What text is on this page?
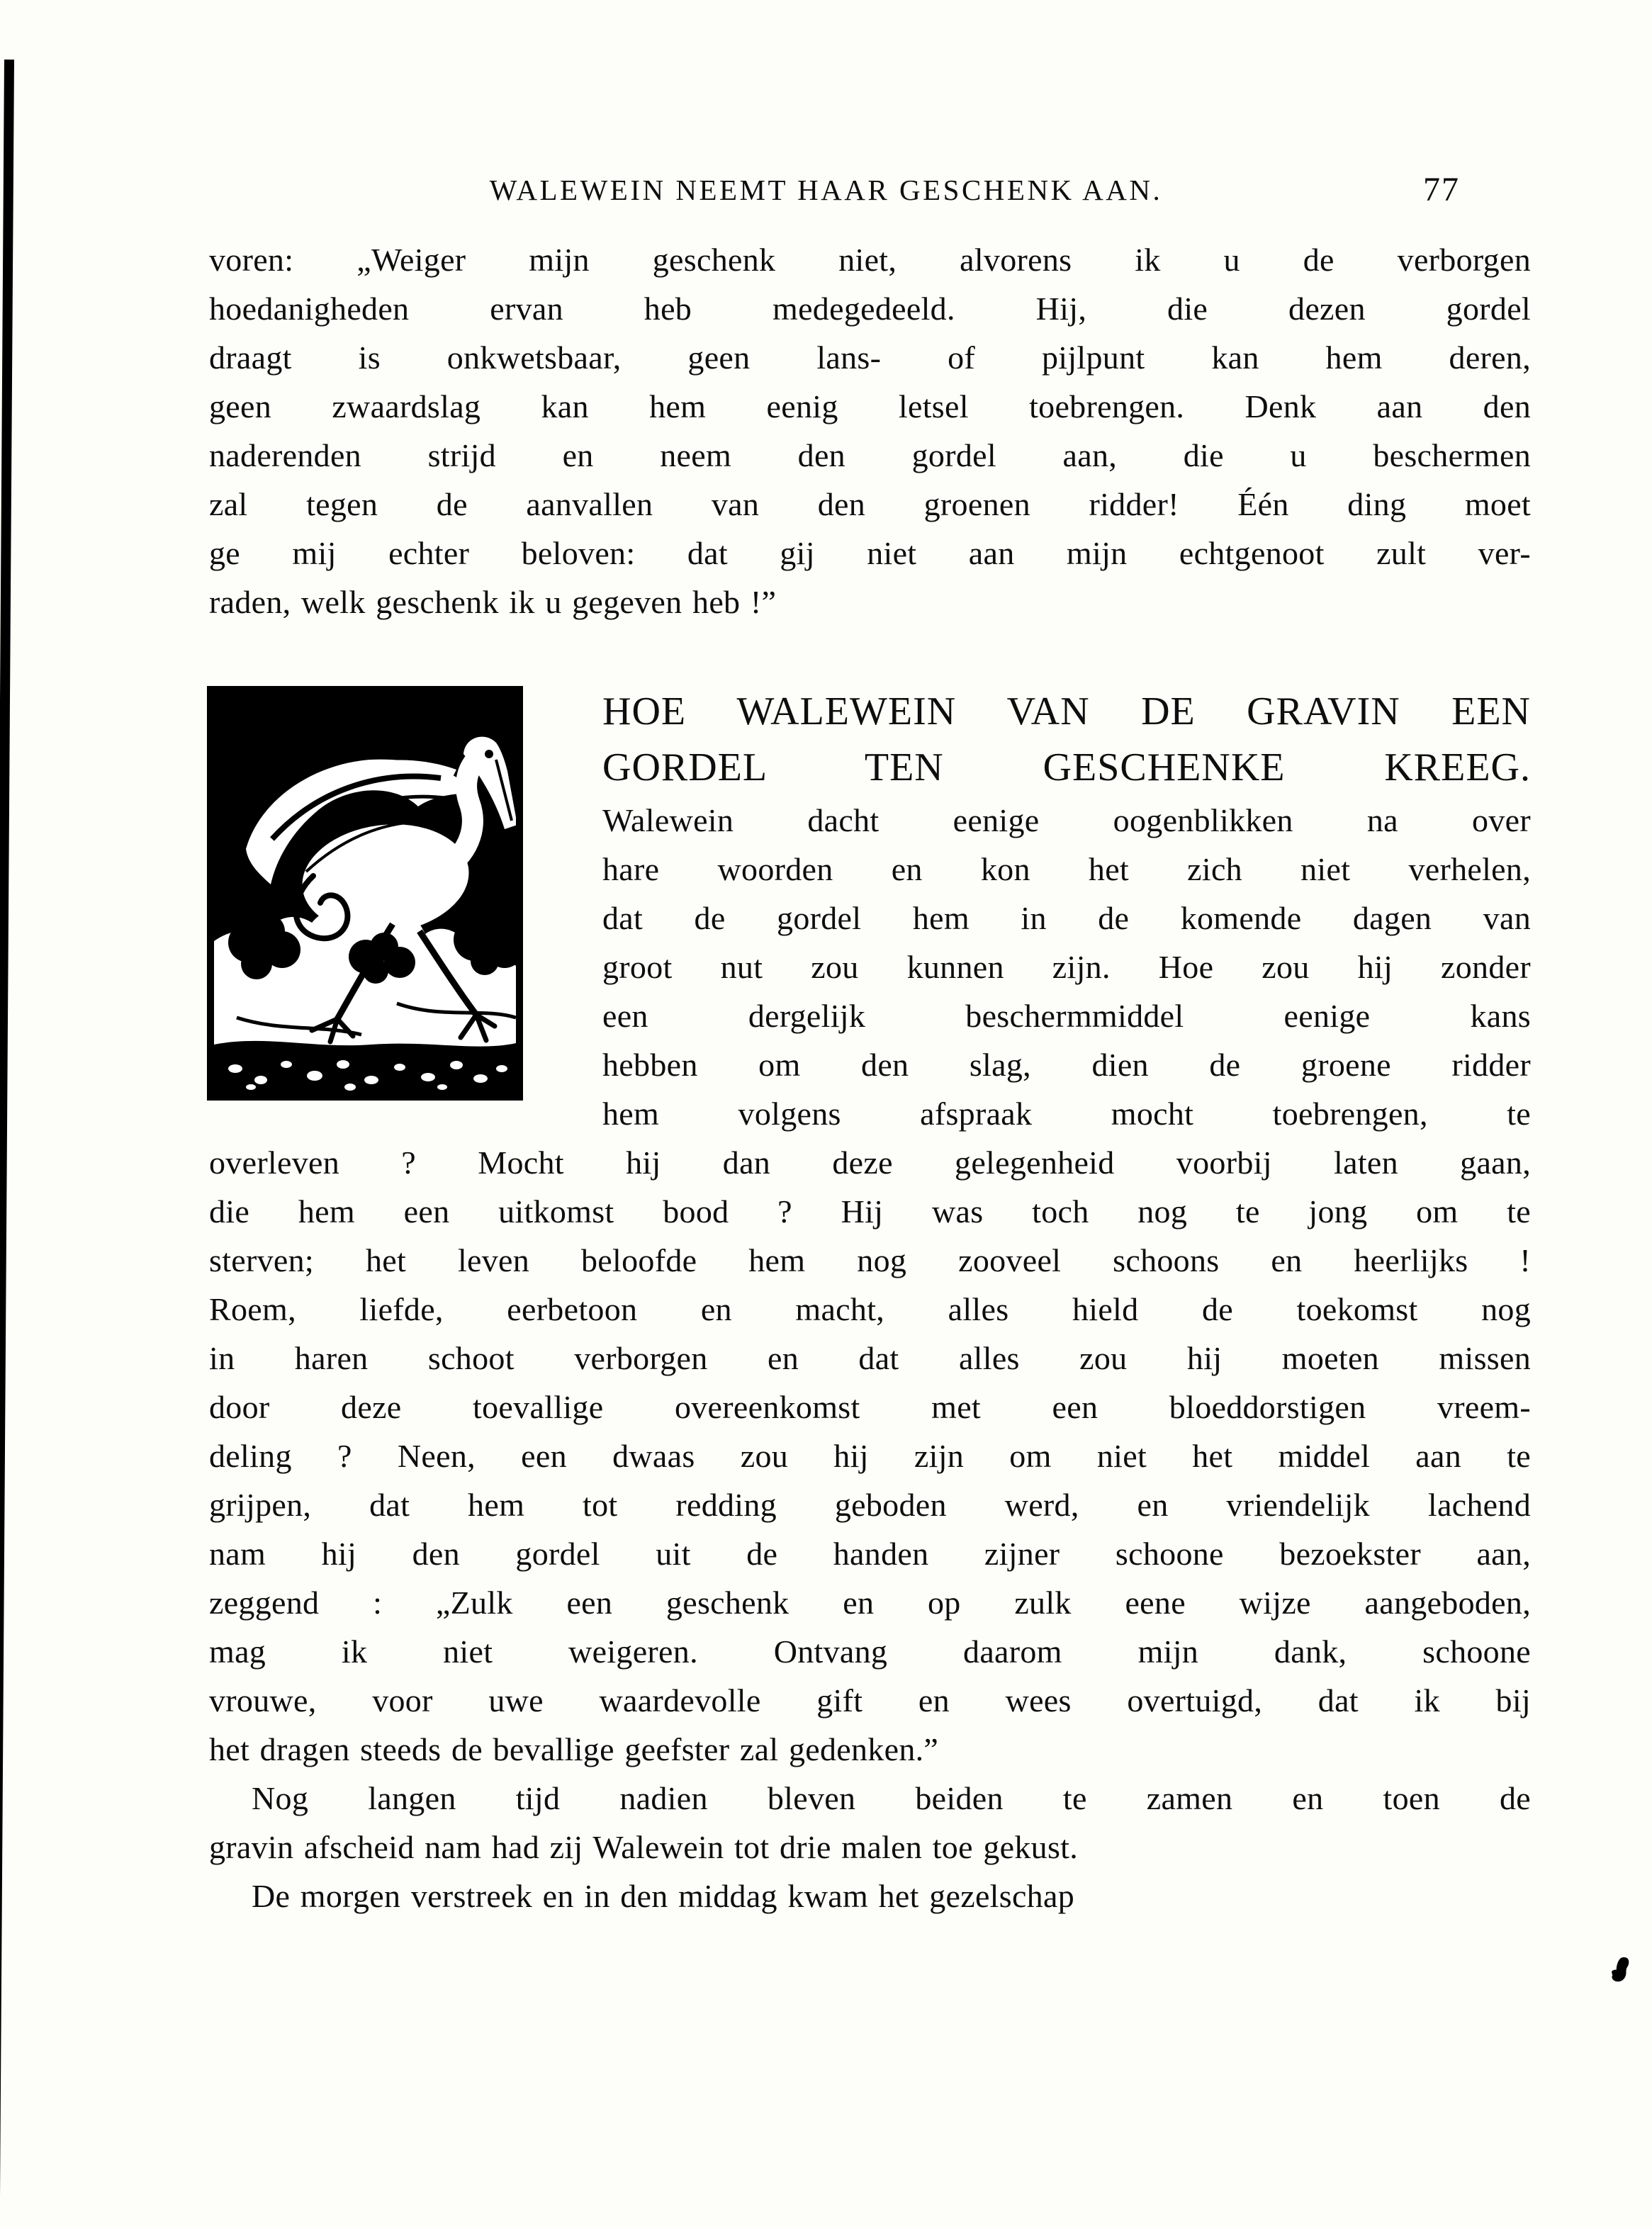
WALEWEIN NEEMT HAAR GESCHENK AAN.	77
voren: „Weiger mijn geschenk niet, alvorens ik u de verborgen
hoedanigheden ervan heb medegedeeld. Hij, die dezen gordel
draagt is onkwetsbaar, geen lans- of pijlpunt kan hem deren,
geen zwaardslag kan hem eenig letsel toebrengen. Denk aan den
naderenden strijd en neem den gordel aan, die u beschermen
zal tegen de aanvallen van den groenen ridder! Één ding moet
ge mij echter beloven: dat gij niet aan mijn echtgenoot zult ver-
raden, welk geschenk ik u gegeven heb !”
HOE WALEWEIN VAN DE GRAVIN EEN
GORDEL TEN GESCHENKE KREEG.
Walewein dacht eenige oogenblikken na over
hare woorden en kon het zich niet verhelen,
dat de gordel hem in de komende dagen van
groot nut zou kunnen zijn. Hoe zou hij zonder
een dergelijk beschermmiddel eenige kans
hebben om den slag, dien de groene ridder
hem volgens afspraak mocht toebrengen, te
overleven ? Mocht hij dan deze gelegenheid voorbij laten gaan,
die hem een uitkomst bood ? Hij was toch nog te jong om te
sterven; het leven beloofde hem nog zooveel schoons en heerlijks !
Roem, liefde, eerbetoon en macht, alles hield de toekomst nog
in haren schoot verborgen en dat alles zou hij moeten missen
door deze toevallige overeenkomst met een bloeddorstigen vreem-
deling ? Neen, een dwaas zou hij zijn om niet het middel aan te
grijpen, dat hem tot redding geboden werd, en vriendelijk lachend
nam hij den gordel uit de handen zijner schoone bezoekster aan,
zeggend : „Zulk een geschenk en op zulk eene wijze aangeboden,
mag ik niet weigeren. Ontvang daarom mijn dank, schoone
vrouwe, voor uwe waardevolle gift en wees overtuigd, dat ik bij
het dragen steeds de bevallige geefster zal gedenken.”
Nog langen tijd nadien bleven beiden te zamen en toen de
gravin afscheid nam had zij Walewein tot drie malen toe gekust.
De morgen verstreek en in den middag kwam het gezelschap
